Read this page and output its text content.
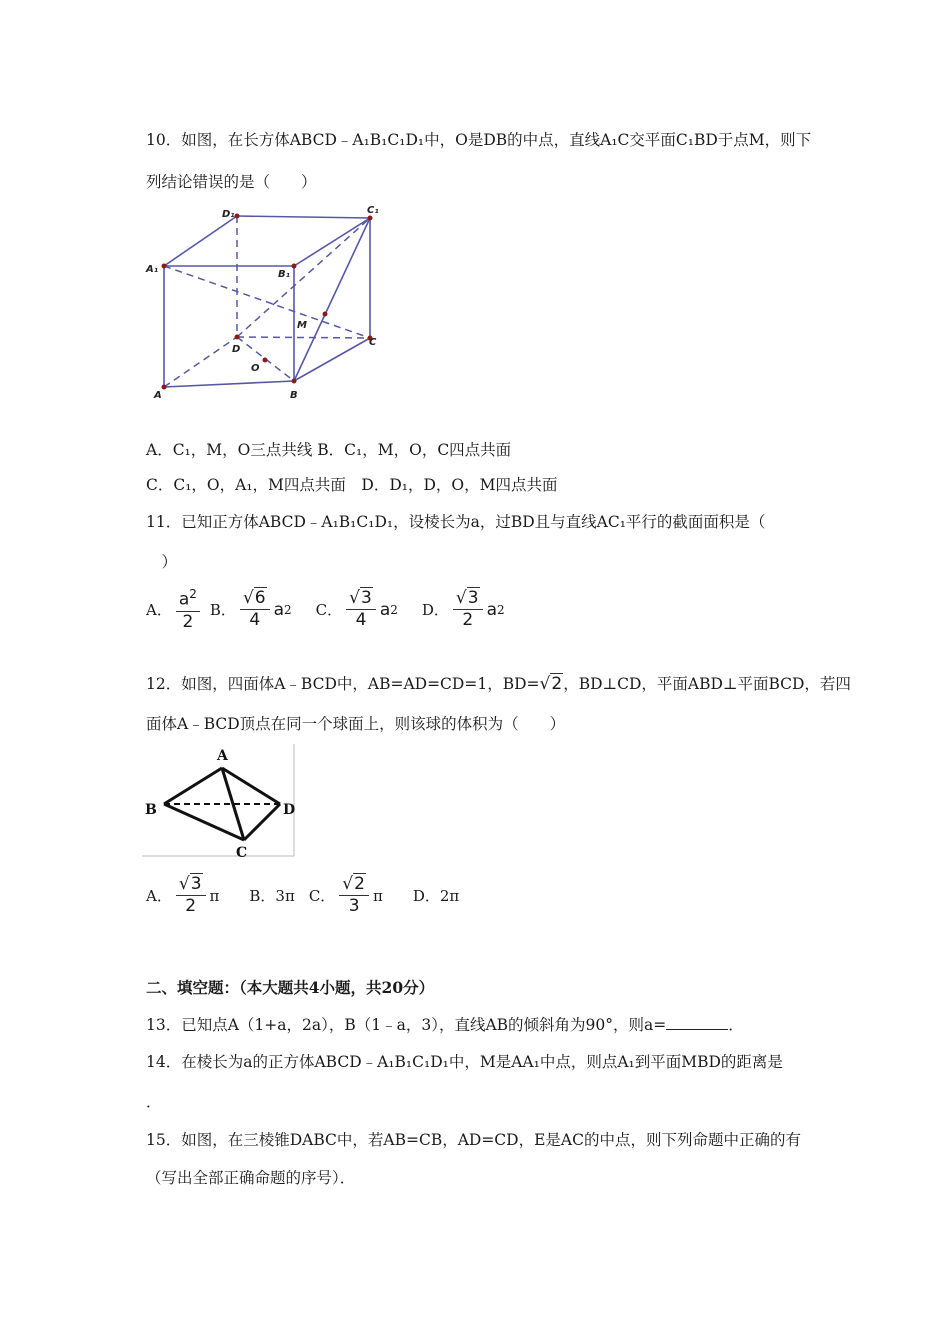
10．如图，在长方体ABCD﹣A₁B₁C₁D₁中，O是DB的中点，直线A₁C交平面C₁BD于点M，则下
列结论错误的是（　　）
D₁	C₁
A₁	B₁
M
D
C
O
A	B
A．C₁，M，O三点共线 B．C₁，M，O，C四点共面
C．C₁，O，A₁，M四点共面　D．D₁，D，O，M四点共面
11．已知正方体ABCD﹣A₁B₁C₁D₁，设棱长为a，过BD且与直线AC₁平行的截面面积是（
　）
A． $\frac{a^2}{2}$ B． $\frac{√6}{4}$ a 2 C． $\frac{√3}{4}$ a 2 D． $\frac{√3}{2}$ a 2
12．如图，四面体A﹣BCD中，AB=AD=CD=1，BD=√2，BD⊥CD，平面ABD⊥平面BCD，若四
面体A﹣BCD顶点在同一个球面上，则该球的体积为（　　）
A
B	D
C
A． $\frac{√3}{2}$ π B．3π C． $\frac{√2}{3}$ π D．2π
二、填空题：（本大题共4小题，共20分）
13．已知点A（1+a，2a），B（1﹣a，3），直线AB的倾斜角为90°，则a=	．
14．在棱长为a的正方体ABCD﹣A₁B₁C₁D₁中，M是AA₁中点，则点A₁到平面MBD的距离是
．
15．如图，在三棱锥DABC中，若AB=CB，AD=CD，E是AC的中点，则下列命题中正确的有
（写出全部正确命题的序号）．
